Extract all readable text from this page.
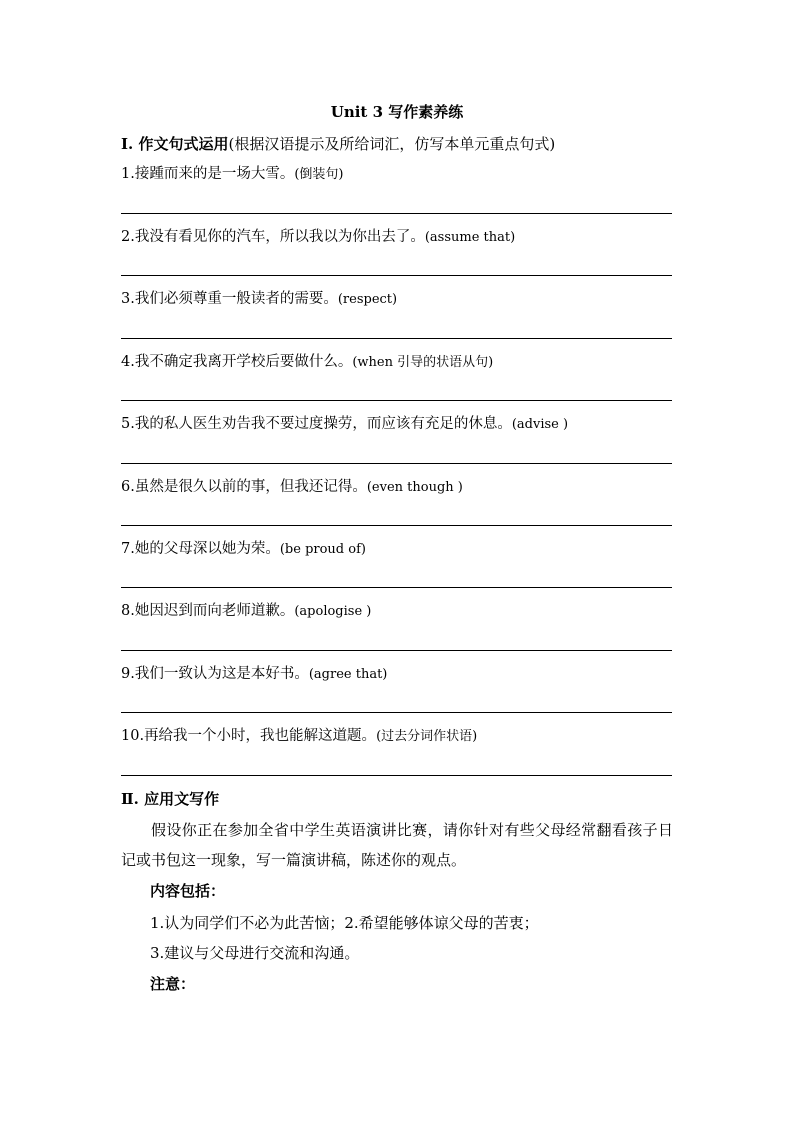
Unit 3 写作素养练
Ⅰ. 作文句式运用(根据汉语提示及所给词汇，仿写本单元重点句式)
1.接踵而来的是一场大雪。(倒装句)
2.我没有看见你的汽车，所以我以为你出去了。(assume that)
3.我们必须尊重一般读者的需要。(respect)
4.我不确定我离开学校后要做什么。(when 引导的状语从句)
5.我的私人医生劝告我不要过度操劳，而应该有充足的休息。(advise )
6.虽然是很久以前的事，但我还记得。(even though )
7.她的父母深以她为荣。(be proud of)
8.她因迟到而向老师道歉。(apologise )
9.我们一致认为这是本好书。(agree that)
10.再给我一个小时，我也能解这道题。(过去分词作状语)
Ⅱ. 应用文写作
假设你正在参加全省中学生英语演讲比赛，请你针对有些父母经常翻看孩子日记或书包这一现象，写一篇演讲稿，陈述你的观点。
内容包括：
1.认为同学们不必为此苦恼；2.希望能够体谅父母的苦衷；
3.建议与父母进行交流和沟通。
注意：
